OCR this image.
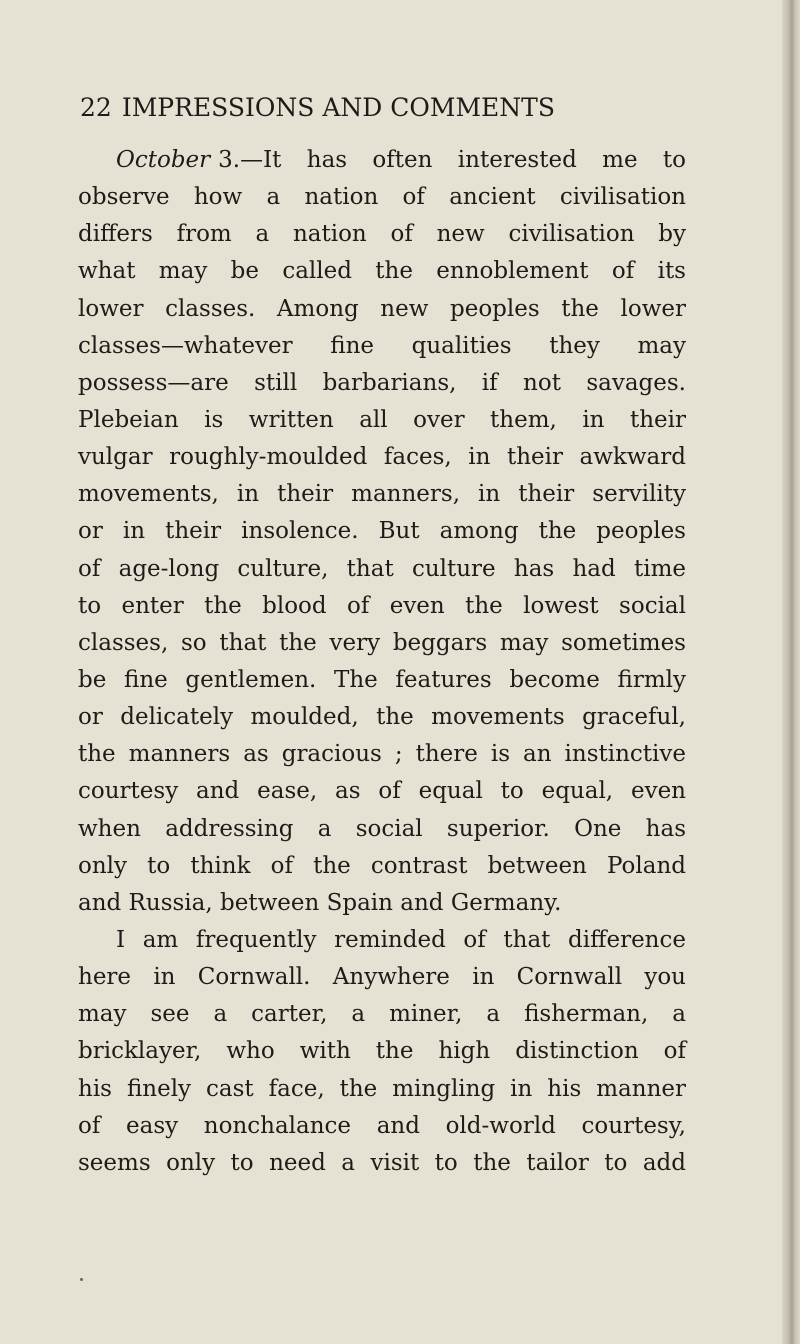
22 IMPRESSIONS AND COMMENTS
October 3.—It has often interested me to
observe how a nation of ancient civilisation
differs from a nation of new civilisation by
what may be called the ennoblement of its
lower classes. Among new peoples the lower
classes—whatever fine qualities they may
possess—are still barbarians, if not savages.
Plebeian is written all over them, in their
vulgar roughly-moulded faces, in their awkward
movements, in their manners, in their servility
or in their insolence. But among the peoples
of age-long culture, that culture has had time
to enter the blood of even the lowest social
classes, so that the very beggars may sometimes
be fine gentlemen. The features become firmly
or delicately moulded, the movements graceful,
the manners as gracious ; there is an instinctive
courtesy and ease, as of equal to equal, even
when addressing a social superior. One has
only to think of the contrast between Poland
and Russia, between Spain and Germany.
I am frequently reminded of that difference
here in Cornwall. Anywhere in Cornwall you
may see a carter, a miner, a fisherman, a
bricklayer, who with the high distinction of
his finely cast face, the mingling in his manner
of easy nonchalance and old-world courtesy,
seems only to need a visit to the tailor to add
